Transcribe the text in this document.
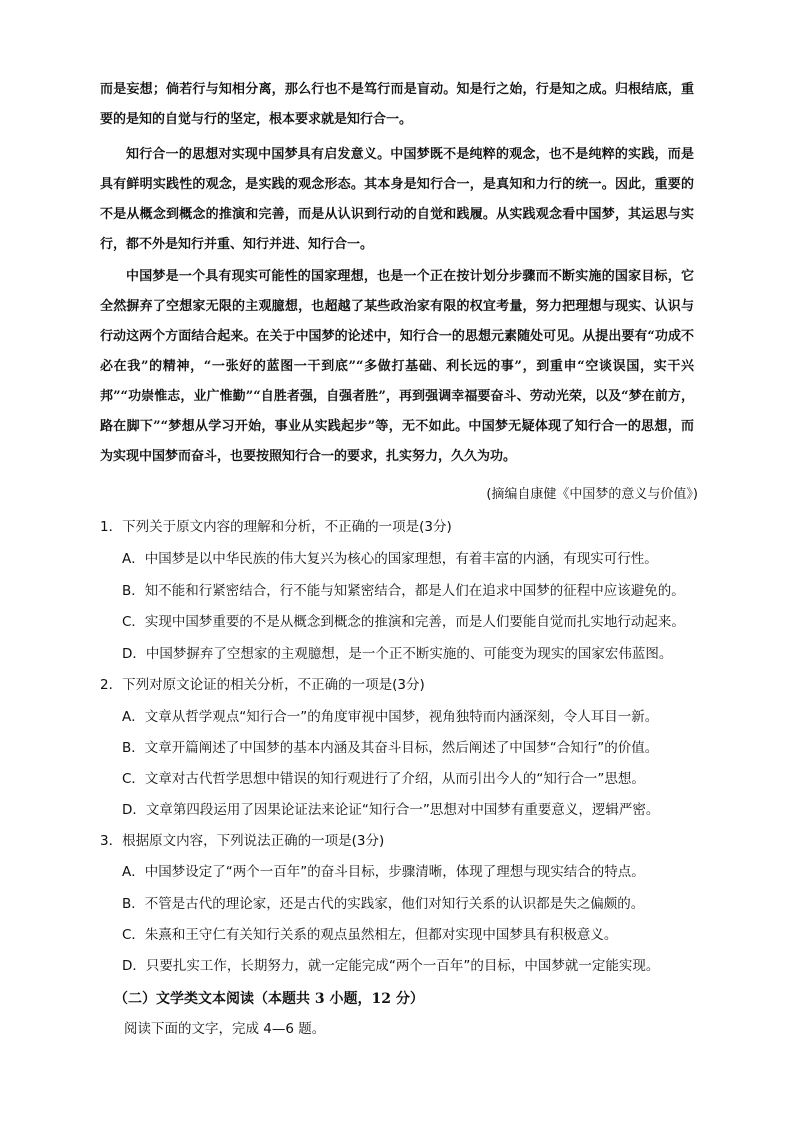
而是妄想；倘若行与知相分离，那么行也不是笃行而是盲动。知是行之始，行是知之成。归根结底，重要的是知的自觉与行的坚定，根本要求就是知行合一。

知行合一的思想对实现中国梦具有启发意义。中国梦既不是纯粹的观念，也不是纯粹的实践，而是具有鲜明实践性的观念，是实践的观念形态。其本身是知行合一，是真知和力行的统一。因此，重要的不是从概念到概念的推演和完善，而是从认识到行动的自觉和践履。从实践观念看中国梦，其运思与实行，都不外是知行并重、知行并进、知行合一。

中国梦是一个具有现实可能性的国家理想，也是一个正在按计划分步骤而不断实施的国家目标，它全然摒弃了空想家无限的主观臆想，也超越了某些政治家有限的权宜考量，努力把理想与现实、认识与行动这两个方面结合起来。在关于中国梦的论述中，知行合一的思想元素随处可见。从提出要有“功成不必在我”的精神，“一张好的蓝图一干到底”“多做打基础、利长远的事”，到重申“空谈误国，实干兴邦”“功崇惟志，业广惟勤”“自胜者强，自强者胜”，再到强调幸福要奋斗、劳动光荣，以及“梦在前方，路在脚下”“梦想从学习开始，事业从实践起步”等，无不如此。中国梦无疑体现了知行合一的思想，而为实现中国梦而奋斗，也要按照知行合一的要求，扎实努力，久久为功。

(摘编自康健《中国梦的意义与价值》)

1．下列关于原文内容的理解和分析，不正确的一项是(3分)

A．中国梦是以中华民族的伟大复兴为核心的国家理想，有着丰富的内涵，有现实可行性。

B．知不能和行紧密结合，行不能与知紧密结合，都是人们在追求中国梦的征程中应该避免的。

C．实现中国梦重要的不是从概念到概念的推演和完善，而是人们要能自觉而扎实地行动起来。

D．中国梦摒弃了空想家的主观臆想，是一个正不断实施的、可能变为现实的国家宏伟蓝图。

2．下列对原文论证的相关分析，不正确的一项是(3分)

A．文章从哲学观点“知行合一”的角度审视中国梦，视角独特而内涵深刻，令人耳目一新。

B．文章开篇阐述了中国梦的基本内涵及其奋斗目标，然后阐述了中国梦“合知行”的价值。

C．文章对古代哲学思想中错误的知行观进行了介绍，从而引出今人的“知行合一”思想。

D．文章第四段运用了因果论证法来论证“知行合一”思想对中国梦有重要意义，逻辑严密。

3．根据原文内容，下列说法正确的一项是(3分)

A．中国梦设定了“两个一百年”的奋斗目标，步骤清晰，体现了理想与现实结合的特点。

B．不管是古代的理论家，还是古代的实践家，他们对知行关系的认识都是失之偏颇的。

C．朱熹和王守仁有关知行关系的观点虽然相左，但都对实现中国梦具有积极意义。

D．只要扎实工作，长期努力，就一定能完成“两个一百年”的目标，中国梦就一定能实现。

（二）文学类文本阅读（本题共 3 小题，12 分）

阅读下面的文字，完成 4—6 题。
